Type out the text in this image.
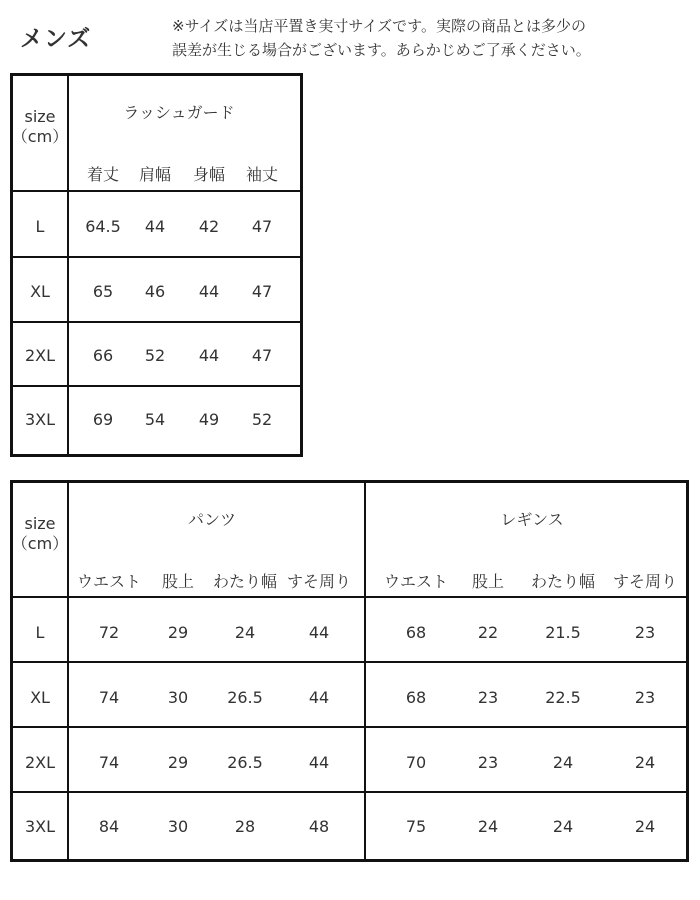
メンズ	※サイズは当店平置き実寸サイズです。実際の商品とは多少の
誤差が生じる場合がございます。あらかじめご了承ください。
size
（cm）
ラッシュガード
着丈 肩幅 身幅 袖丈
L	64.5 44 42 47
XL	65 46 44 47
2XL 66 52 44 47
3XL 69 54 49 52
size
（cm）
パンツ	レギンス
ウエスト 股上 わたり幅 すそ周り ウエスト 股上 わたり幅 すそ周り
L	72	29	24	44	68	22	21.5	23
XL	74	30 26.5	44	68	23	22.5	23
2XL	74	29 26.5	44	70	23	24	24
3XL	84	30	28	48	75	24	24	24
